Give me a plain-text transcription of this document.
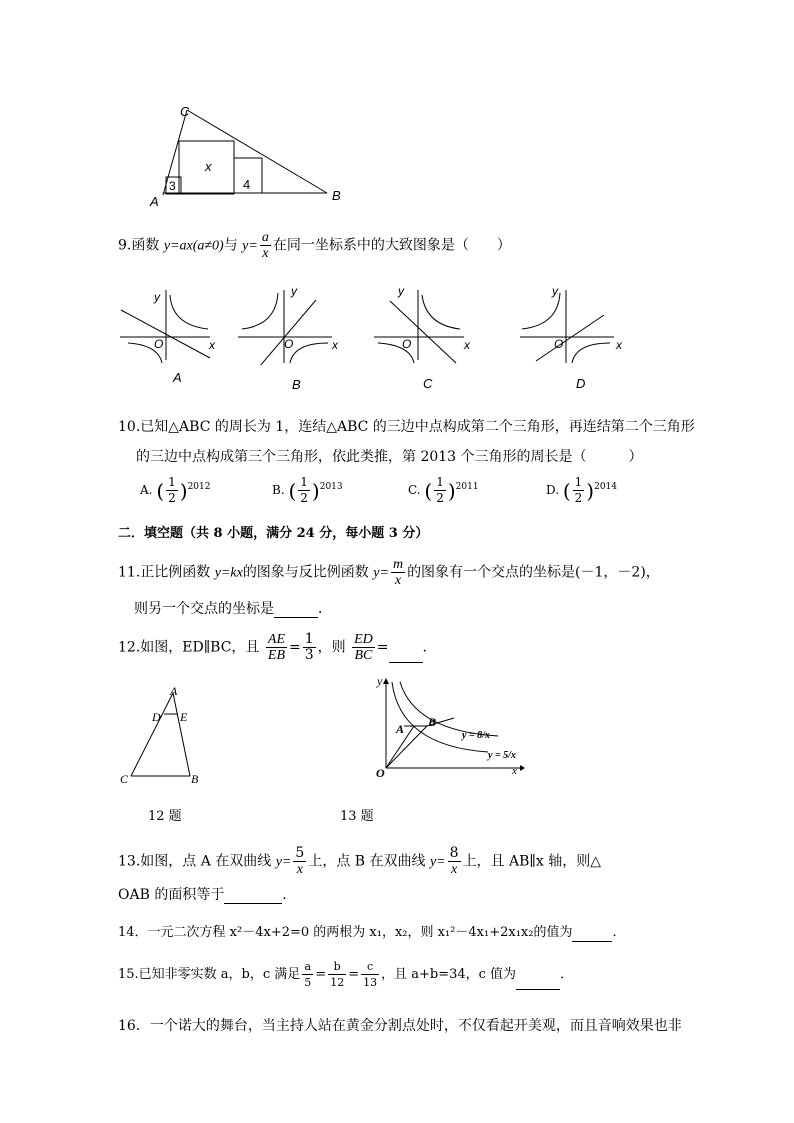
C
A	B
x
3	4
9.函数 y=ax(a≠0)与 $y= \frac{a}{x}$ 在同一坐标系中的大致图象是（　　）
y
x
O
A
y
x
O
B
y
x
O
C
y
x
O
D
10.已知△ABC 的周长为 1，连结△ABC 的三边中点构成第二个三角形，再连结第二个三角形
的三边中点构成第三个三角形，依此类推，第 2013 个三角形的周长是（　　　）
A. ( $\frac{1}{2} )^{2012}$	B. ( $\frac{1}{2} )^{2013}$	C. ( $\frac{1}{2} )^{2011}$	D. ( $\frac{1}{2} )^{2014}$
二．填空题（共 8 小题，满分 24 分，每小题 3 分）
11.正比例函数 y=kx的图象与反比例函数 $y= \frac{m}{x}$ 的图象有一个交点的坐标是(－1，－2)，
则另一个交点的坐标是	．
12.如图，ED∥BC，且 $\frac{AE}{EB} = \frac{1}{3}$ ，则 $\frac{ED}{BC}$ = ．
A
D E
C	B
12 题
y
x
O
A B
y = 8/x
y = 5/x
13 题
13.如图，点 A 在双曲线 $y= \frac{5}{x}$ 上，点 B 在双曲线 $y= \frac{8}{x}$ 上，且 AB∥x 轴，则△
OAB 的面积等于	．
14．一元二次方程 x²－4x+2=0 的两根为 x₁，x₂，则 x₁²－4x₁+2x₁x₂的值为	．
15.已知非零实数 a，b，c 满足 $\frac{a}{5} = \frac{b}{12} = \frac{c}{13}$ ，且 a+b=34，c 值为	．
16．一个诺大的舞台，当主持人站在黄金分割点处时，不仅看起开美观，而且音响效果也非
